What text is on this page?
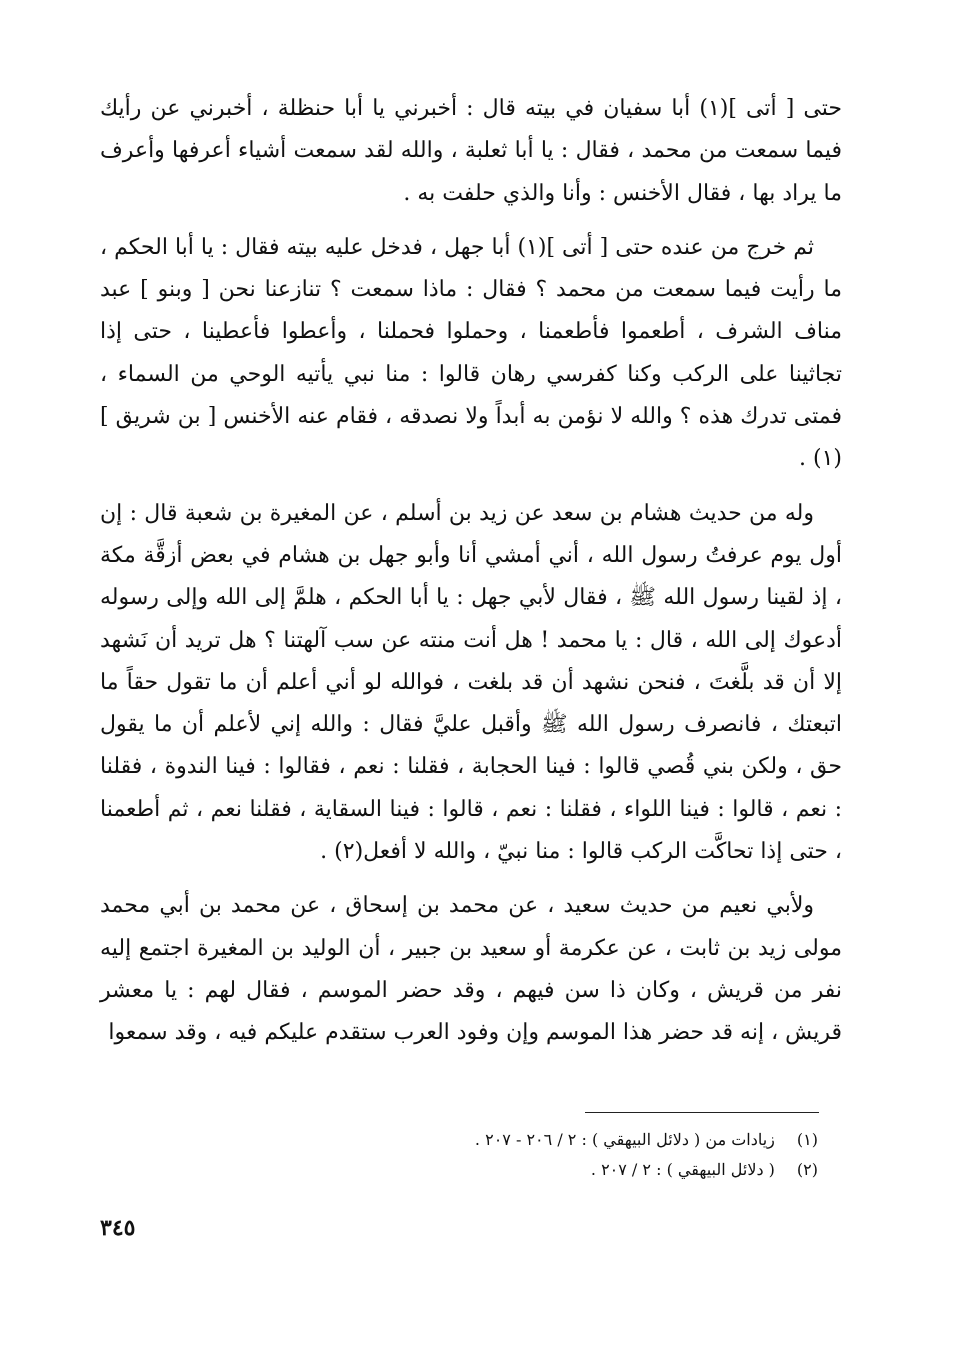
حتى [ أتى ](١) أبا سفيان في بيته قال : أخبرني يا أبا حنظلة ، أخبرني عن رأيك فيما سمعت من محمد ، فقال : يا أبا ثعلبة ، والله لقد سمعت أشياء أعرفها وأعرف ما يراد بها ، فقال الأخنس : وأنا والذي حلفت به .

ثم خرج من عنده حتى [ أتى ](١) أبا جهل ، فدخل عليه بيته فقال : يا أبا الحكم ، ما رأيت فيما سمعت من محمد ؟ فقال : ماذا سمعت ؟ تنازعنا نحن [ وبنو ] عبد مناف الشرف ، أطعموا فأطعمنا ، وحملوا فحملنا ، وأعطوا فأعطينا ، حتى إذا تجاثينا على الركب وكنا كفرسي رهان قالوا : منا نبي يأتيه الوحي من السماء ، فمتى تدرك هذه ؟ والله لا نؤمن به أبداً ولا نصدقه ، فقام عنه الأخنس [ بن شريق ](١) .

وله من حديث هشام بن سعد عن زيد بن أسلم ، عن المغيرة بن شعبة قال : إن أول يوم عرفتُ رسول الله ، أني أمشي أنا وأبو جهل بن هشام في بعض أزقَّة مكة ، إذ لقينا رسول الله ﷺ ، فقال لأبي جهل : يا أبا الحكم ، هلمَّ إلى الله وإلى رسوله أدعوك إلى الله ، قال : يا محمد ! هل أنت منته عن سب آلهتنا ؟ هل تريد أن نَشهد إلا أن قد بلَّغتَ ، فنحن نشهد أن قد بلغت ، فوالله لو أني أعلم أن ما تقول حقاً ما اتبعتك ، فانصرف رسول الله ﷺ وأقبل عليَّ فقال : والله إني لأعلم أن ما يقول حق ، ولكن بني قُصي قالوا : فينا الحجابة ، فقلنا : نعم ، فقالوا : فينا الندوة ، فقلنا : نعم ، قالوا : فينا اللواء ، فقلنا : نعم ، قالوا : فينا السقاية ، فقلنا نعم ، ثم أطعمنا ، حتى إذا تحاكَّت الركب قالوا : منا نبيّ ، والله لا أفعل(٢) .

ولأبي نعيم من حديث سعيد ، عن محمد بن إسحاق ، عن محمد بن أبي محمد مولى زيد بن ثابت ، عن عكرمة أو سعيد بن جبير ، أن الوليد بن المغيرة اجتمع إليه نفر من قريش ، وكان ذا سن فيهم ، وقد حضر الموسم ، فقال لهم : يا معشر قريش ، إنه قد حضر هذا الموسم وإن وفود العرب ستقدم عليكم فيه ، وقد سمعوا

(١) زيادات من ( دلائل البيهقي ) : ٢ / ٢٠٦ - ٢٠٧ .
(٢) ( دلائل البيهقي ) : ٢ / ٢٠٧ .
٣٤٥
